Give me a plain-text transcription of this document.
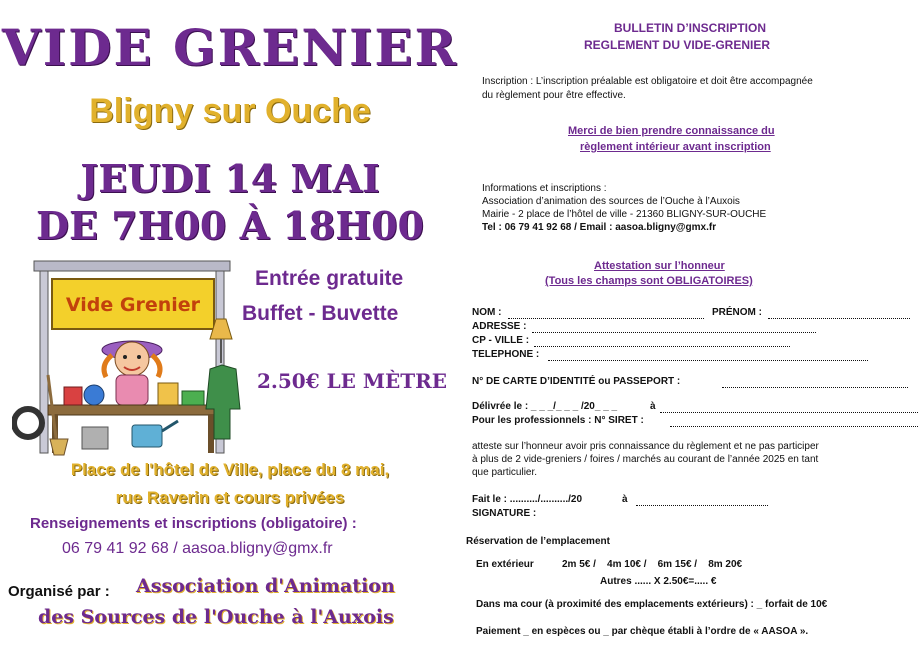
VIDE GRENIER
Bligny sur Ouche
JEUDI 14 MAI
DE 7H00 À 18H00
Vide Grenier
Entrée gratuite
Buffet - Buvette
2.50€ LE MÈTRE
Place de l'hôtel de Ville, place du 8 mai,
rue Raverin et cours privées
Renseignements et inscriptions (obligatoire) :
06 79 41 92 68 / aasoa.bligny@gmx.fr
Organisé par : Association d'Animation
des Sources de l'Ouche à l'Auxois
BULLETIN D’INSCRIPTION
REGLEMENT DU VIDE-GRENIER
Inscription : L’inscription préalable est obligatoire et doit être accompagnée
du règlement pour être effective.
Merci de bien prendre connaissance du
règlement intérieur avant inscription
Informations et inscriptions :
Association d’animation des sources de l’Ouche à l’Auxois
Mairie - 2 place de l’hôtel de ville - 21360 BLIGNY-SUR-OUCHE
Tel : 06 79 41 92 68 / Email : aasoa.bligny@gmx.fr
Attestation sur l’honneur
(Tous les champs sont OBLIGATOIRES)
NOM :	PRÉNOM :
ADRESSE :
CP - VILLE :
TELEPHONE :
N° DE CARTE D’IDENTITÉ ou PASSEPORT :
Délivrée le : _ _ _/_ _ _ /20_ _ _	à
Pour les professionnels : N° SIRET :
atteste sur l’honneur avoir pris connaissance du règlement et ne pas participer
à plus de 2 vide-greniers / foires / marchés au courant de l’année 2025 en tant
que particulier.
Fait le : ........../........../20	à
SIGNATURE :
Réservation de l’emplacement
En extérieur	2m 5€ /    4m 10€ /    6m 15€ /    8m 20€
Autres ...... X 2.50€=..... €
Dans ma cour (à proximité des emplacements extérieurs) : _ forfait de 10€
Paiement _ en espèces ou _ par chèque établi à l’ordre de « AASOA ».
